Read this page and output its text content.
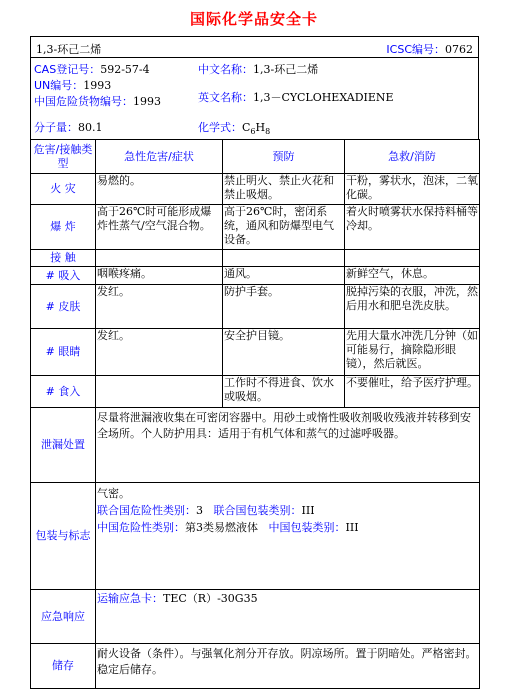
国际化学品安全卡
1,3-环己二烯	ICSC编号：0762
CAS登记号：592-57-4
UN编号：1993
中国危险货物编号：1993
中文名称：1,3-环己二烯
英文名称：1,3－CYCLOHEXADIENE
分子量：80.1	化学式：$C_6H_8$
危害/接触类型	急性危害/症状	预防	急救/消防
火 灾	易燃的。	禁止明火、禁止火花和禁止吸烟。	干粉，雾状水，泡沫，二氧化碳。
爆 炸	高于26℃时可能形成爆炸性蒸气/空气混合物。	高于26℃时，密闭系统，通风和防爆型电气设备。	着火时喷雾状水保持料桶等冷却。
接 触			
# 吸入	咽喉疼痛。	通风。	新鲜空气，休息。
# 皮肤	发红。	防护手套。	脱掉污染的衣服，冲洗，然后用水和肥皂洗皮肤。
# 眼睛	发红。	安全护目镜。	先用大量水冲洗几分钟（如可能易行，摘除隐形眼镜），然后就医。
# 食入		工作时不得进食、饮水或吸烟。	不要催吐，给予医疗护理。
泄漏处置	尽量将泄漏液收集在可密闭容器中。用砂土或惰性吸收剂吸收残液并转移到安全场所。个人防护用具：适用于有机气体和蒸气的过滤呼吸器。		
包装与标志	气密。
联合国危险性类别：3 联合国包装类别：III
中国危险性类别：第3类易燃液体 中国包装类别：III		

应急响应	运输应急卡：TEC（R）-30G35		
储存	耐火设备（条件）。与强氧化剂分开存放。阴凉场所。置于阴暗处。严格密封。稳定后储存。		
